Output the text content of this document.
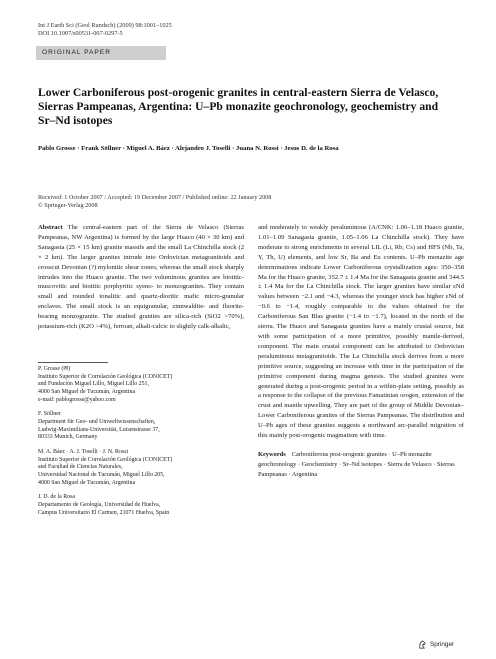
Int J Earth Sci (Geol Rundsch) (2009) 98:1001–1025
DOI 10.1007/s00531-007-0297-5
ORIGINAL PAPER
Lower Carboniferous post-orogenic granites in central-eastern Sierra de Velasco, Sierras Pampeanas, Argentina: U–Pb monazite geochronology, geochemistry and Sr–Nd isotopes
Pablo Grosse · Frank Söllner · Miguel A. Báez · Alejandro J. Toselli · Juana N. Rossi · Jesus D. de la Rosa
Received: 1 October 2007 / Accepted: 19 December 2007 / Published online: 22 January 2008
© Springer-Verlag 2008

Abstract The central-eastern part of the Sierra de Velasco (Sierras Pampeanas, NW Argentina) is formed by the large Huaco (40 × 30 km) and Sanagasta (25 × 15 km) granite massifs and the small La Chinchilla stock (2 × 2 km). The larger granites intrude into Ordovician metagranitoids and crosscut Devonian (?) mylonitic shear zones, whereas the small stock sharply intrudes into the Huaco granite. The two voluminous granites are biotitic-muscovitic and biotitic porphyritic syeno- to monzogranites. They contain small and rounded tonalitic and quartz-dioritic mafic micro-granular enclaves. The small stock is an equigranular, zinnwaldite- and fluorite-bearing monzogranite. The studied granites are silica-rich (SiO2 >70%), potassium-rich (K2O >4%), ferroan, alkali-calcic to slightly calk-alkalic,

P. Grosse (✉)
Instituto Superior de Correlación Geológica (CONICET)
and Fundación Miguel Lillo, Miguel Lillo 251,
4000 San Miguel de Tucumán, Argentina
e-mail: pablogrosse@yahoo.com
F. Söllner
Department für Geo- und Umweltwissenschaften,
Ludwig-Maximilians-Universität, Luisenstrasse 37,
80333 Munich, Germany
M. A. Báez · A. J. Toselli · J. N. Rossi
Instituto Superior de Correlación Geológica (CONICET)
and Facultad de Ciencias Naturales,
Universidad Nacional de Tucumán, Miguel Lillo 205,
4000 San Miguel de Tucumán, Argentina
J. D. de la Rosa
Departamento de Geología, Universidad de Huelva,
Campus Universitario El Carmen, 21071 Huelva, Spain

and moderately to weakly peraluminous (A/CNK: 1.06–1.18 Huaco granite, 1.01–1.09 Sanagasta granite, 1.05–1.06 La Chinchilla stock). They have moderate to strong enrichments in several LIL (Li, Rb, Cs) and HFS (Nb, Ta, Y, Th, U) elements, and low Sr, Ba and Eu contents. U–Pb monazite age determinations indicate Lower Carboniferous crystallization ages: 350–358 Ma for the Huaco granite, 352.7 ± 1.4 Ma for the Sanagasta granite and 344.5 ± 1.4 Ma for the La Chinchilla stock. The larger granites have similar εNd values between −2.1 and −4.3, whereas the younger stock has higher εNd of −0.6 to −1.4, roughly comparable to the values obtained for the Carboniferous San Blas granite (−1.4 to −1.7), located in the north of the sierra. The Huaco and Sanagasta granites have a mainly crustal source, but with some participation of a more primitive, possibly mantle-derived, component. The main crustal component can be attributed to Ordovician peraluminous metagranitoids. The La Chinchilla stock derives from a more primitive source, suggesting an increase with time in the participation of the primitive component during magma genesis. The studied granites were generated during a post-orogenic period in a within-plate setting, possibly as a response to the collapse of the previous Famatinian orogen, extension of the crust and mantle upwelling. They are part of the group of Middle Devonian–Lower Carboniferous granites of the Sierras Pampeanas. The distribution and U–Pb ages of these granites suggests a northward arc-parallel migration of this mainly post-orogenic magmatism with time.

Keywords Carboniferous post-orogenic granites · U–Pb monazite geochronology · Geochemistry · Sr–Nd isotopes · Sierra de Velasco · Sierras Pampeanas · Argentina

Springer
